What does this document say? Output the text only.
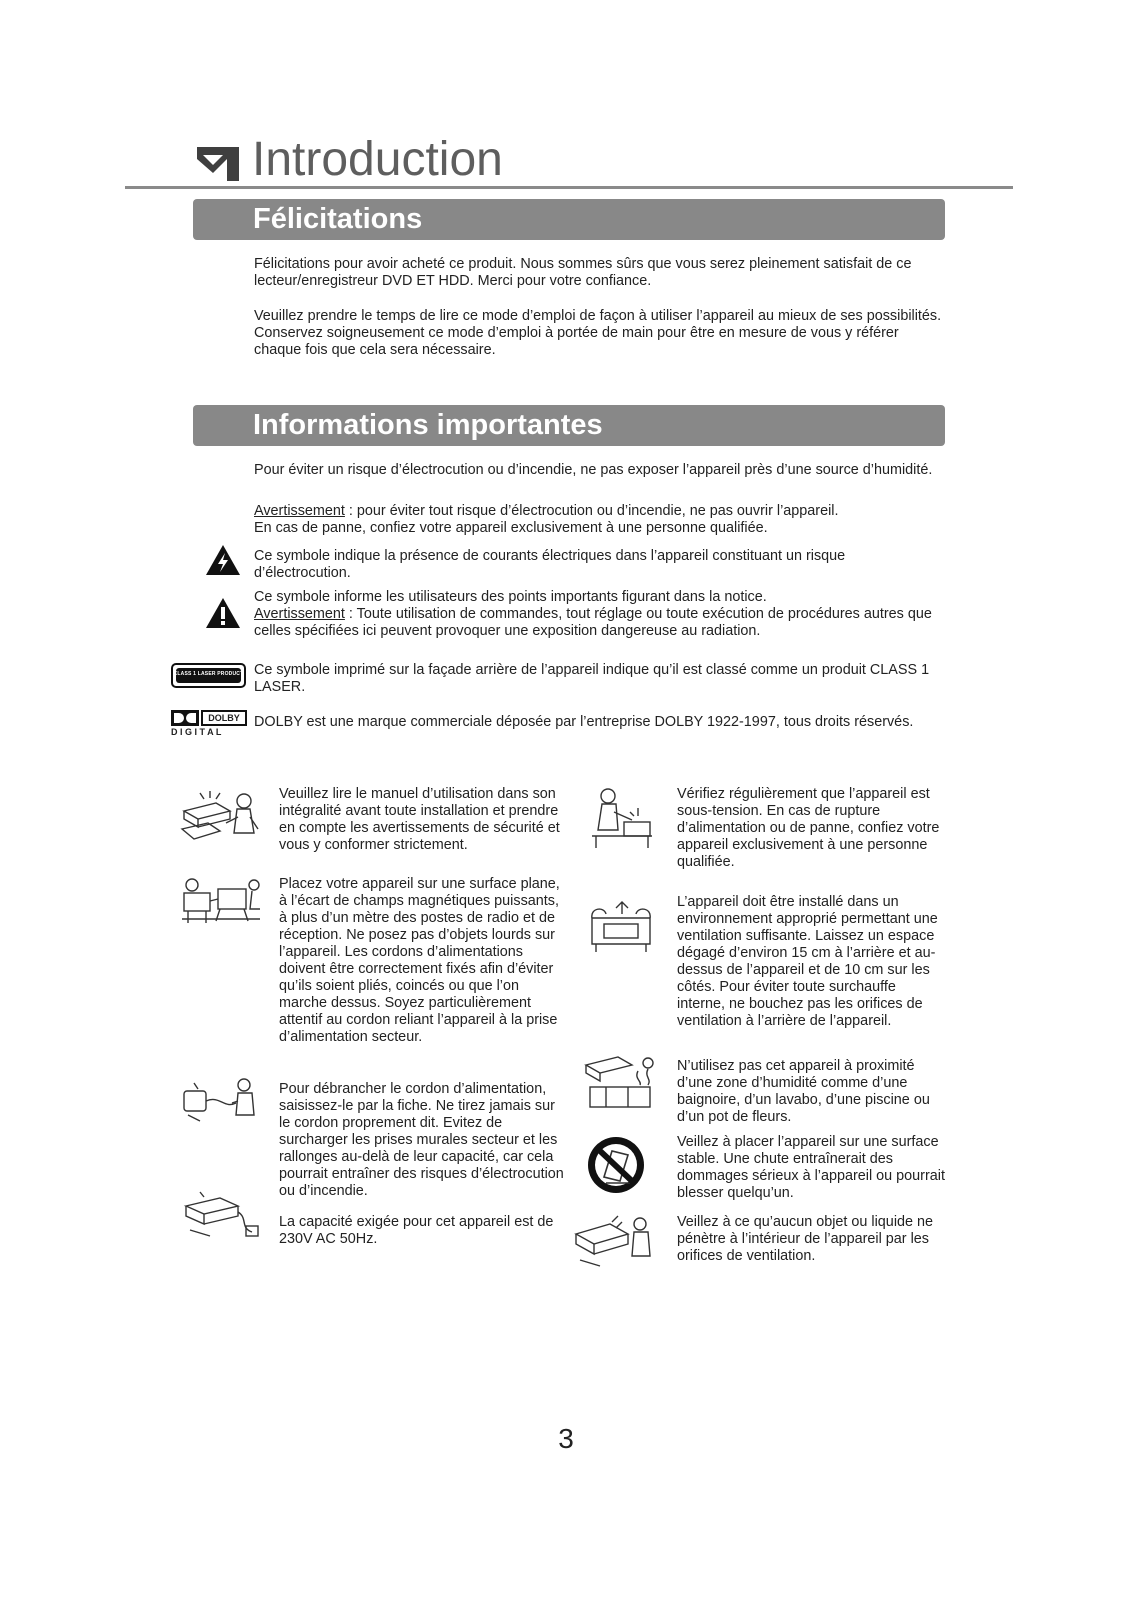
Introduction
Félicitations

Félicitations pour avoir acheté ce produit. Nous sommes sûrs que vous serez pleinement satisfait de ce lecteur/enregistreur DVD ET HDD. Merci pour votre confiance.

Veuillez prendre le temps de lire ce mode d’emploi de façon à utiliser l’appareil au mieux de ses possibilités. Conservez soigneusement ce mode d’emploi à portée de main pour être en mesure de vous y référer chaque fois que cela sera nécessaire.

Informations importantes

Pour éviter un risque d’électrocution ou d’incendie, ne pas exposer l’appareil près d’une source d’humidité.

Avertissement : pour éviter tout risque d’électrocution ou d’incendie, ne pas ouvrir l’appareil.
En cas de panne, confiez votre appareil exclusivement à une personne qualifiée.

Ce symbole indique la présence de courants électriques dans l’appareil constituant un risque d’électrocution.

Ce symbole informe les utilisateurs des points importants figurant dans la notice.
Avertissement : Toute utilisation de commandes, tout réglage ou toute exécution de procédures autres que celles spécifiées ici peuvent provoquer une exposition dangereuse au radiation.

CLASS 1 LASER PRODUCT Ce symbole imprimé sur la façade arrière de l’appareil indique qu’il est classé comme un produit CLASS 1 LASER.

DOLBY
D I G I T A L

DOLBY est une marque commerciale déposée par l’entreprise DOLBY 1922-1997, tous droits réservés.

Veuillez lire le manuel d’utilisation dans son intégralité avant toute installation et prendre en compte les avertissements de sécurité et vous y conformer strictement.

Placez votre appareil sur une surface plane, à l’écart de champs magnétiques puissants, à plus d’un mètre des postes de radio et de réception. Ne posez pas d’objets lourds sur l’appareil. Les cordons d’alimentations doivent être correctement fixés afin d’éviter qu’ils soient pliés, coincés ou que l’on marche dessus. Soyez particulièrement attentif au cordon reliant l’appareil à la prise d’alimentation secteur.

Pour débrancher le cordon d’alimentation, saisissez-le par la fiche. Ne tirez jamais sur le cordon proprement dit. Evitez de surcharger les prises murales secteur et les rallonges au-delà de leur capacité, car cela pourrait entraîner des risques d’électrocution ou d’incendie.

La capacité exigée pour cet appareil est de 230V AC 50Hz.

Vérifiez régulièrement que l’appareil est sous-tension. En cas de rupture d’alimentation ou de panne, confiez votre appareil exclusivement à une personne qualifiée.

L’appareil doit être installé dans un environnement approprié permettant une ventilation suffisante. Laissez un espace dégagé d’environ 15 cm à l’arrière et au-dessus de l’appareil et de 10 cm sur les côtés. Pour éviter toute surchauffe interne, ne bouchez pas les orifices de ventilation à l’arrière de l’appareil.

N’utilisez pas cet appareil à proximité d’une zone d’humidité comme d’une baignoire, d’un lavabo, d’une piscine ou d’un pot de fleurs.

Veillez à placer l’appareil sur une surface stable. Une chute entraînerait des dommages sérieux à l’appareil ou pourrait blesser quelqu’un.

Veillez à ce qu’aucun objet ou liquide ne pénètre à l’intérieur de l’appareil par les orifices de ventilation.

3
